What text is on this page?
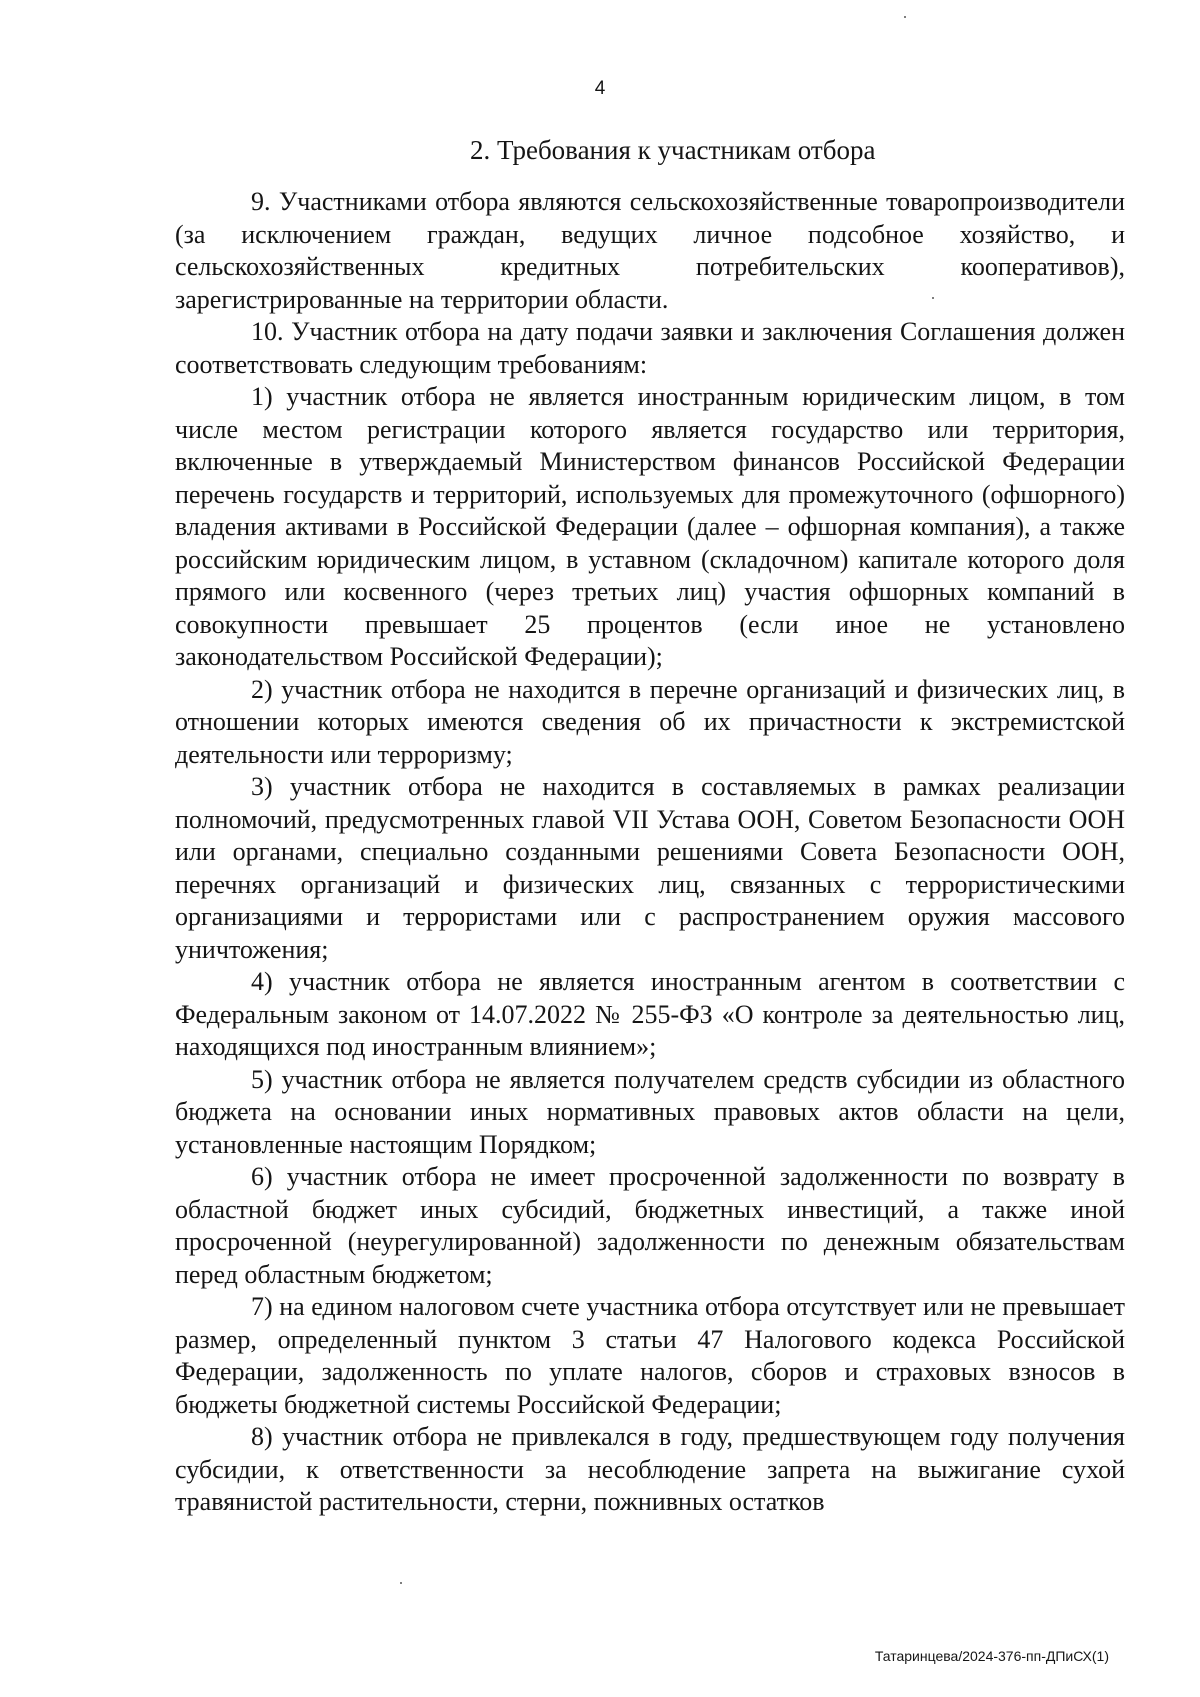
4
2. Требования к участникам отбора

9. Участниками отбора являются сельскохозяйственные товаропроизводители (за исключением граждан, ведущих личное подсобное хозяйство, и сельскохозяйственных кредитных потребительских кооперативов), зарегистрированные на территории области.

10. Участник отбора на дату подачи заявки и заключения Соглашения должен соответствовать следующим требованиям:

1) участник отбора не является иностранным юридическим лицом, в том числе местом регистрации которого является государство или территория, включенные в утверждаемый Министерством финансов Российской Федерации перечень государств и территорий, используемых для промежуточного (офшорного) владения активами в Российской Федерации (далее – офшорная компания), а также российским юридическим лицом, в уставном (складочном) капитале которого доля прямого или косвенного (через третьих лиц) участия офшорных компаний в совокупности превышает 25 процентов (если иное не установлено законодательством Российской Федерации);

2) участник отбора не находится в перечне организаций и физических лиц, в отношении которых имеются сведения об их причастности к экстремистской деятельности или терроризму;

3) участник отбора не находится в составляемых в рамках реализации полномочий, предусмотренных главой VII Устава ООН, Советом Безопасности ООН или органами, специально созданными решениями Совета Безопасности ООН, перечнях организаций и физических лиц, связанных с террористическими организациями и террористами или с распространением оружия массового уничтожения;

4) участник отбора не является иностранным агентом в соответствии с Федеральным законом от 14.07.2022 № 255-ФЗ «О контроле за деятельностью лиц, находящихся под иностранным влиянием»;

5) участник отбора не является получателем средств субсидии из областного бюджета на основании иных нормативных правовых актов области на цели, установленные настоящим Порядком;

6) участник отбора не имеет просроченной задолженности по возврату в областной бюджет иных субсидий, бюджетных инвестиций, а также иной просроченной (неурегулированной) задолженности по денежным обязательствам перед областным бюджетом;

7) на едином налоговом счете участника отбора отсутствует или не превышает размер, определенный пунктом 3 статьи 47 Налогового кодекса Российской Федерации, задолженность по уплате налогов, сборов и страховых взносов в бюджеты бюджетной системы Российской Федерации;

8) участник отбора не привлекался в году, предшествующем году получения субсидии, к ответственности за несоблюдение запрета на выжигание сухой травянистой растительности, стерни, пожнивных остатков

Татаринцева/2024-376-пп-ДПиСХ(1)
